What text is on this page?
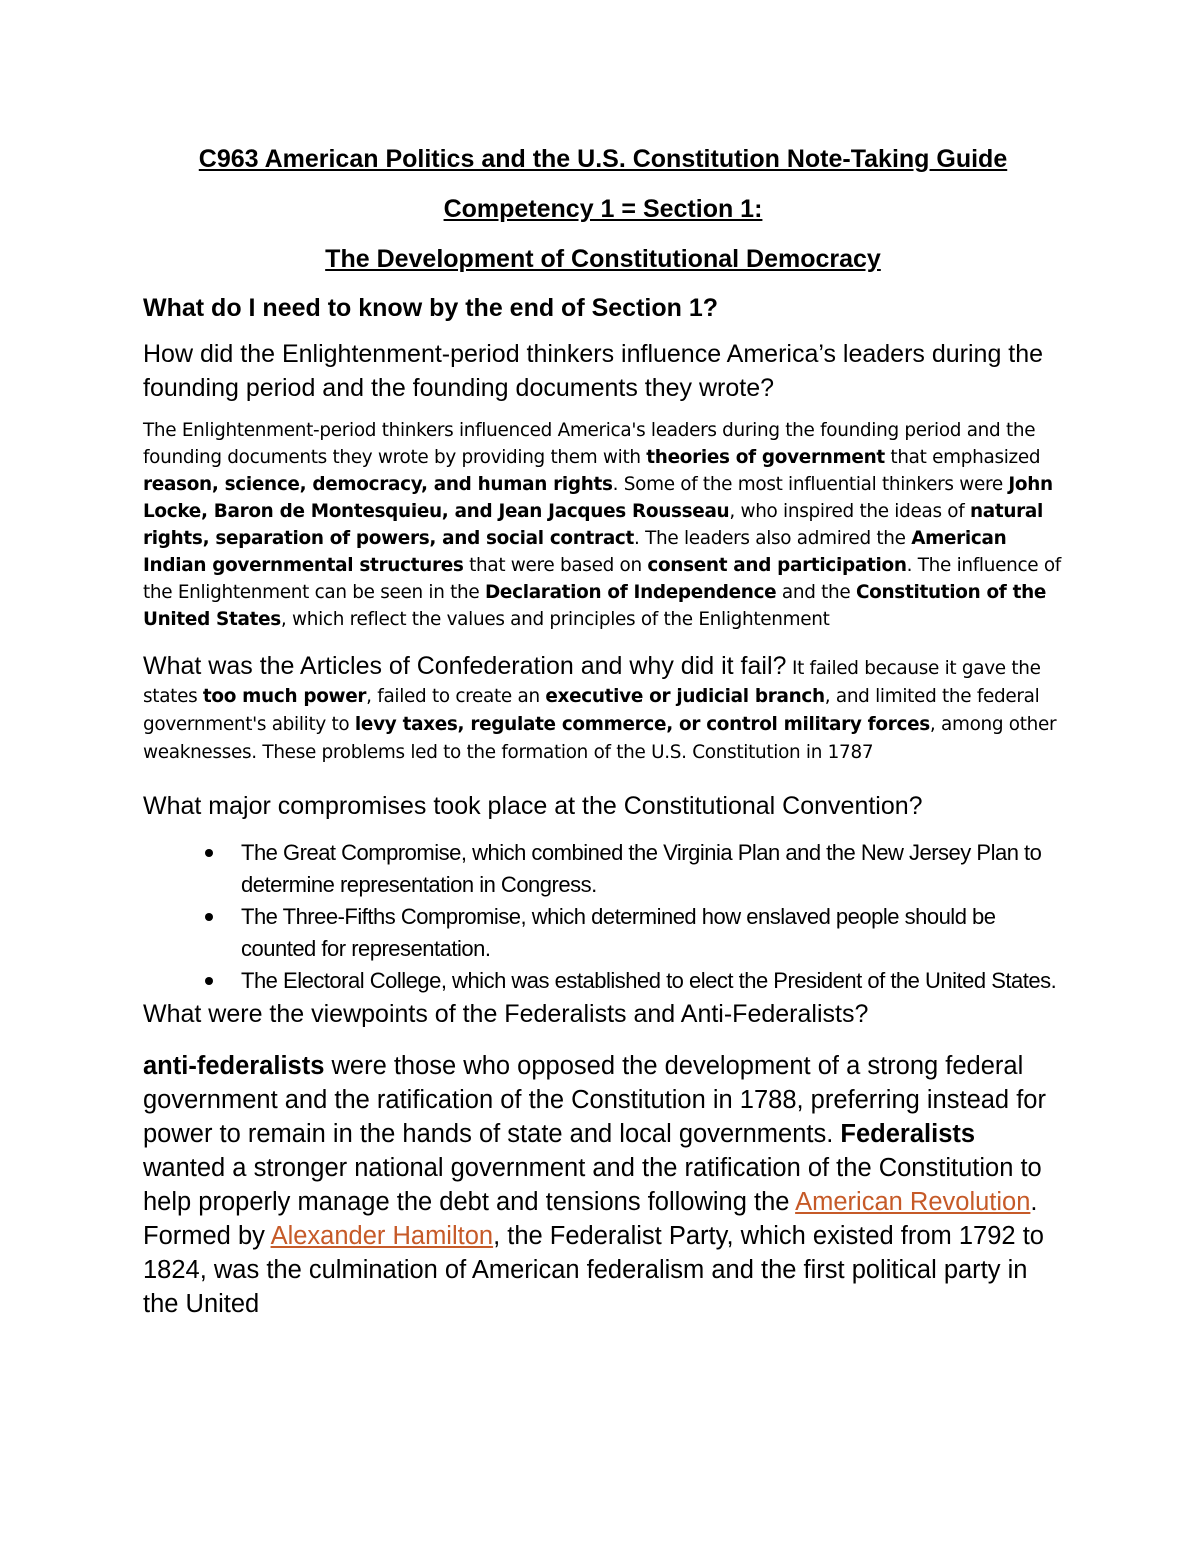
C963 American Politics and the U.S. Constitution Note-Taking Guide

Competency 1 = Section 1:

The Development of Constitutional Democracy

What do I need to know by the end of Section 1?

How did the Enlightenment-period thinkers influence America’s leaders during the founding period and the founding documents they wrote?

The Enlightenment-period thinkers influenced America's leaders during the founding period and the founding documents they wrote by providing them with theories of government that emphasized reason, science, democracy, and human rights. Some of the most influential thinkers were John Locke, Baron de Montesquieu, and Jean Jacques Rousseau, who inspired the ideas of natural rights, separation of powers, and social contract. The leaders also admired the American Indian governmental structures that were based on consent and participation. The influence of the Enlightenment can be seen in the Declaration of Independence and the Constitution of the United States, which reflect the values and principles of the Enlightenment

What was the Articles of Confederation and why did it fail? It failed because it gave the states too much power, failed to create an executive or judicial branch, and limited the federal government's ability to levy taxes, regulate commerce, or control military forces, among other weaknesses. These problems led to the formation of the U.S. Constitution in 1787

What major compromises took place at the Constitutional Convention?

The Great Compromise, which combined the Virginia Plan and the New Jersey Plan to determine representation in Congress.
The Three-Fifths Compromise, which determined how enslaved people should be counted for representation.
The Electoral College, which was established to elect the President of the United States.

What were the viewpoints of the Federalists and Anti-Federalists?

anti-federalists were those who opposed the development of a strong federal government and the ratification of the Constitution in 1788, preferring instead for power to remain in the hands of state and local governments. Federalists wanted a stronger national government and the ratification of the Constitution to help properly manage the debt and tensions following the American Revolution. Formed by Alexander Hamilton, the Federalist Party, which existed from 1792 to 1824, was the culmination of American federalism and the first political party in the United
